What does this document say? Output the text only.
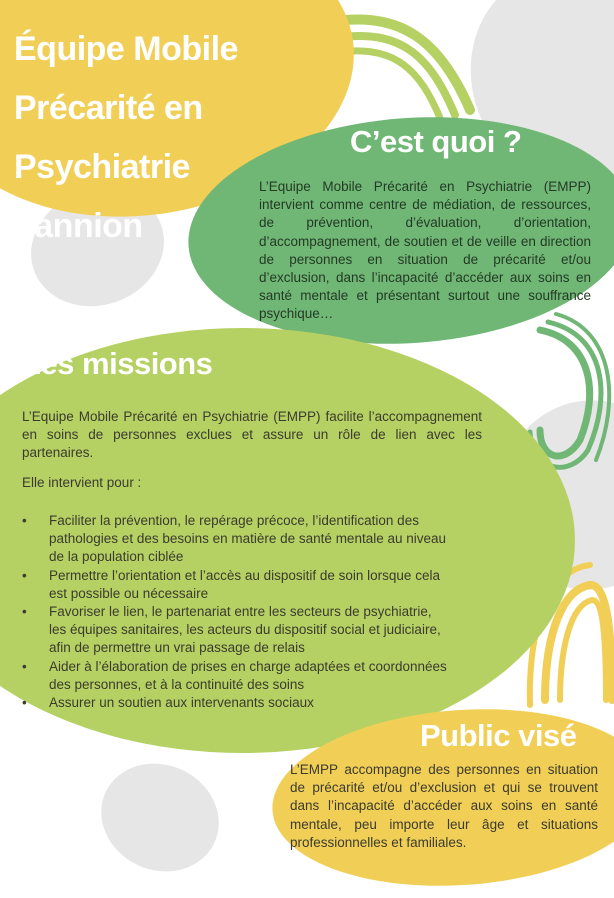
Équipe Mobile
Précarité en Psychiatrie
Lannion
C’est quoi ?
L’Equipe Mobile Précarité en Psychiatrie (EMPP) intervient comme centre de médiation, de ressources, de prévention, d’évaluation, d’orientation, d’accompagnement, de soutien et de veille en direction de personnes en situation de précarité et/ou d’exclusion, dans l’incapacité d’accéder aux soins en santé mentale et présentant surtout une souffrance psychique…
Les missions
L’Equipe Mobile Précarité en Psychiatrie (EMPP) facilite l’accompagnement en soins de personnes exclues et assure un rôle de lien avec les partenaires.
Elle intervient pour :
• Faciliter la prévention, le repérage précoce, l’identification des pathologies et des besoins en matière de santé mentale au niveau de la population ciblée
• Permettre l’orientation et l’accès au dispositif de soin lorsque cela est possible ou nécessaire
• Favoriser le lien, le partenariat entre les secteurs de psychiatrie, les équipes sanitaires, les acteurs du dispositif social et judiciaire, afin de permettre un vrai passage de relais
• Aider à l’élaboration de prises en charge adaptées et coordonnées des personnes, et à la continuité des soins
• Assurer un soutien aux intervenants sociaux
Public visé
L’EMPP accompagne des personnes en situation de précarité et/ou d’exclusion et qui se trouvent dans l’incapacité d’accéder aux soins en santé mentale, peu importe leur âge et situations professionnelles et familiales.
